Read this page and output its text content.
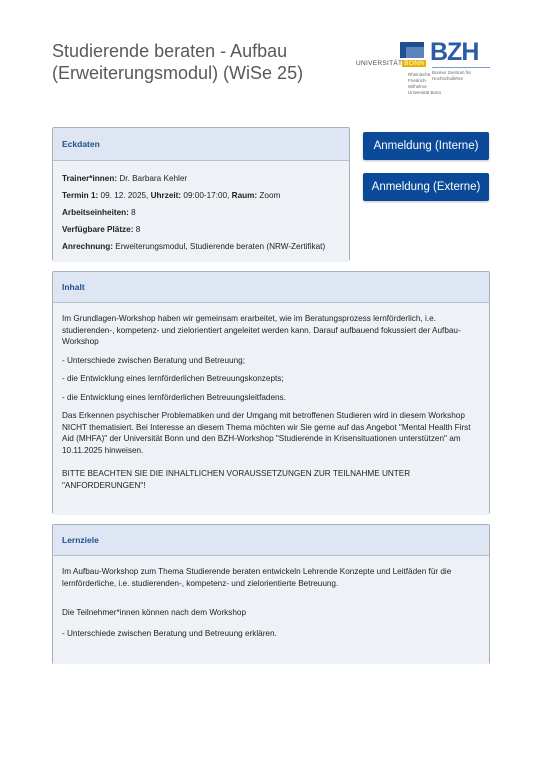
Studierende beraten - Aufbau (Erweiterungsmodul) (WiSe 25)	UNIVERSITÄT BONN
Rheinische Friedrich-Wilhelms-Universität Bonn
BZH
Bonner Zentrum für Hochschullehre
Eckdaten
Trainer*innen: Dr. Barbara Kehler
Termin 1: 09. 12. 2025, Uhrzeit: 09:00-17:00, Raum: Zoom
Arbeitseinheiten: 8
Verfügbare Plätze: 8
Anrechnung: Erweiterungsmodul, Studierende beraten (NRW-Zertifikat)
Anmeldung (Interne)
Anmeldung (Externe)
Inhalt

Im Grundlagen-Workshop haben wir gemeinsam erarbeitet, wie im Beratungsprozess lernförderlich, i.e. studierenden-, kompetenz- und zielorientiert angeleitet werden kann. Darauf aufbauend fokussiert der Aufbau-Workshop

- Unterschiede zwischen Beratung und Betreuung;

- die Entwicklung eines lernförderlichen Betreuungskonzepts;

- die Entwicklung eines lernförderlichen Betreuungsleitfadens.

Das Erkennen psychischer Problematiken und der Umgang mit betroffenen Studieren wird in diesem Workshop NICHT thematisiert. Bei Interesse an diesem Thema möchten wir Sie gerne auf das Angebot "Mental Health First Aid (MHFA)" der Universität Bonn und den BZH-Workshop "Studierende in Krisensituationen unterstützen" am 10.11.2025 hinweisen.

BITTE BEACHTEN SIE DIE INHALTLICHEN VORAUSSETZUNGEN ZUR TEILNAHME UNTER "ANFORDERUNGEN"!

Lernziele

Im Aufbau-Workshop zum Thema Studierende beraten entwickeln Lehrende Konzepte und Leitfäden für die lernförderliche, i.e. studierenden-, kompetenz- und zielorientierte Betreuung.

Die Teilnehmer*innen können nach dem Workshop

- Unterschiede zwischen Beratung und Betreuung erklären.
